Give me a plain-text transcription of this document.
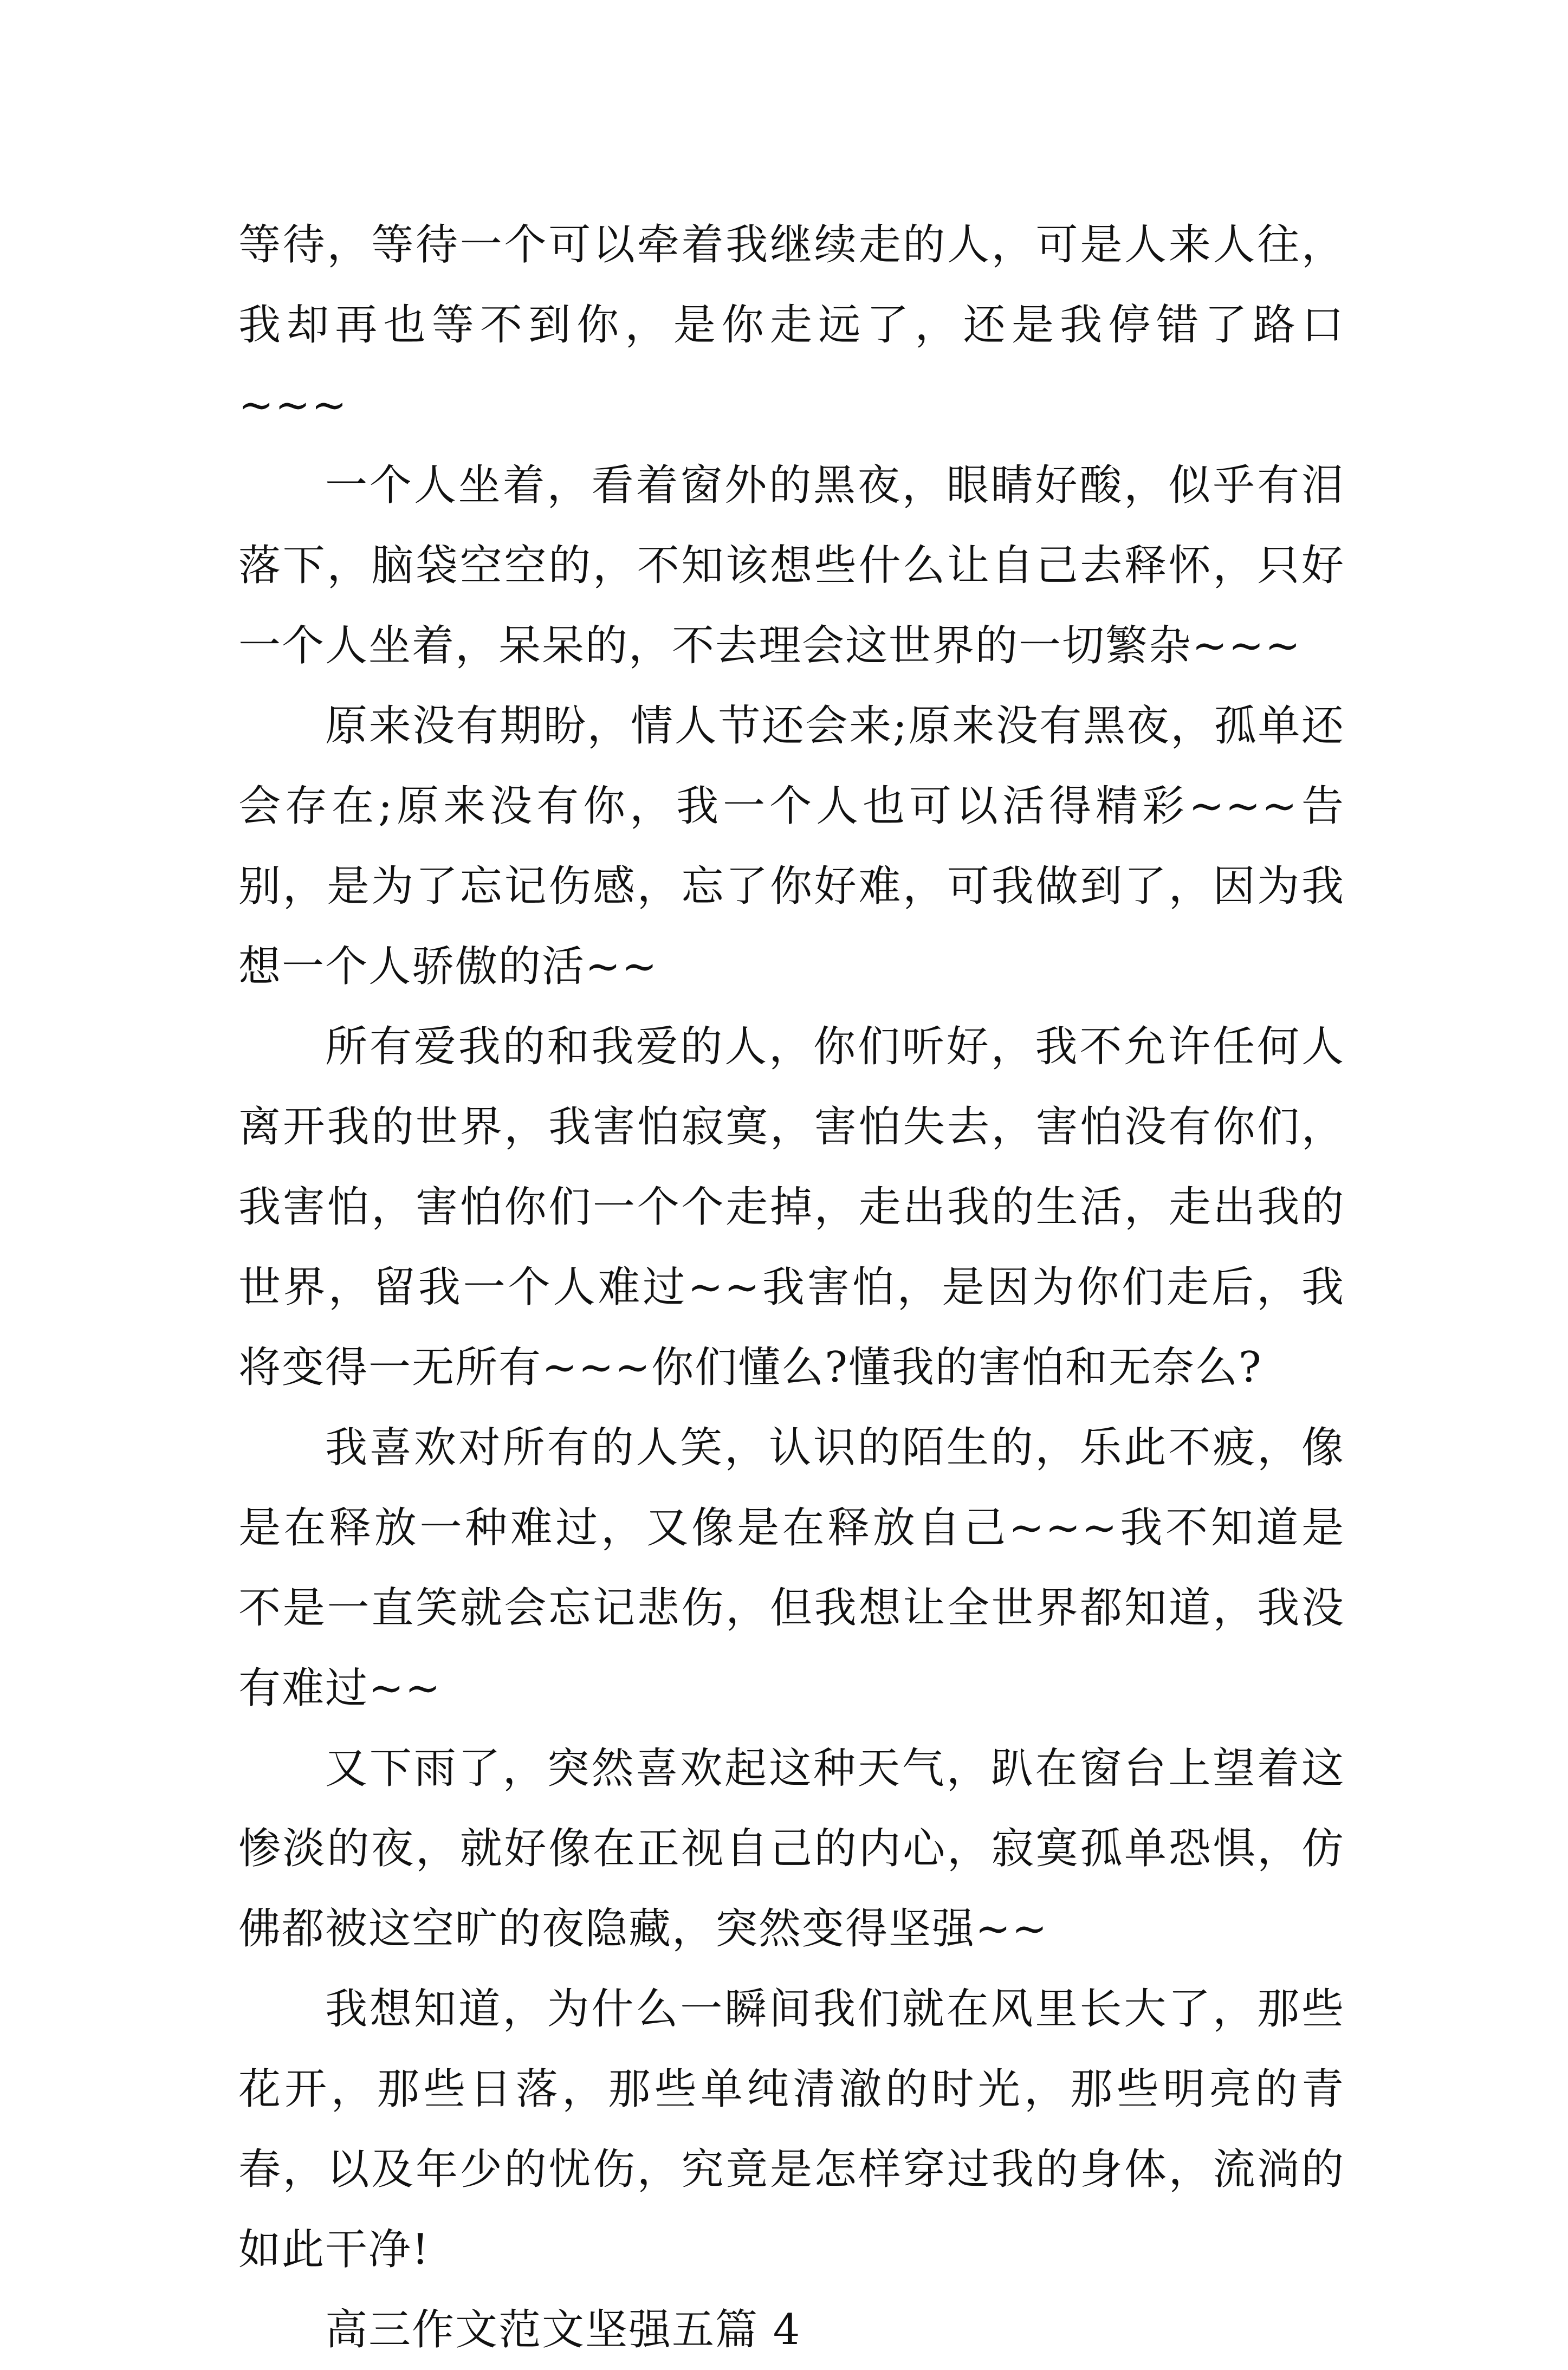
等待，等待一个可以牵着我继续走的人，可是人来人往，我却再也等不到你，是你走远了，还是我停错了路口~~~

一个人坐着，看着窗外的黑夜，眼睛好酸，似乎有泪落下，脑袋空空的，不知该想些什么让自己去释怀，只好一个人坐着，呆呆的，不去理会这世界的一切繁杂~~~

原来没有期盼，情人节还会来;原来没有黑夜，孤单还会存在;原来没有你，我一个人也可以活得精彩~~~告别，是为了忘记伤感，忘了你好难，可我做到了，因为我想一个人骄傲的活~~

所有爱我的和我爱的人，你们听好，我不允许任何人离开我的世界，我害怕寂寞，害怕失去，害怕没有你们，我害怕，害怕你们一个个走掉，走出我的生活，走出我的世界，留我一个人难过~~我害怕，是因为你们走后，我将变得一无所有~~~你们懂么?懂我的害怕和无奈么?

我喜欢对所有的人笑，认识的陌生的，乐此不疲，像是在释放一种难过，又像是在释放自己~~~我不知道是不是一直笑就会忘记悲伤，但我想让全世界都知道，我没有难过~~

又下雨了，突然喜欢起这种天气，趴在窗台上望着这惨淡的夜，就好像在正视自己的内心，寂寞孤单恐惧，仿佛都被这空旷的夜隐藏，突然变得坚强~~

我想知道，为什么一瞬间我们就在风里长大了，那些花开，那些日落，那些单纯清澈的时光，那些明亮的青春，以及年少的忧伤，究竟是怎样穿过我的身体，流淌的如此干净!

高三作文范文坚强五篇 4
